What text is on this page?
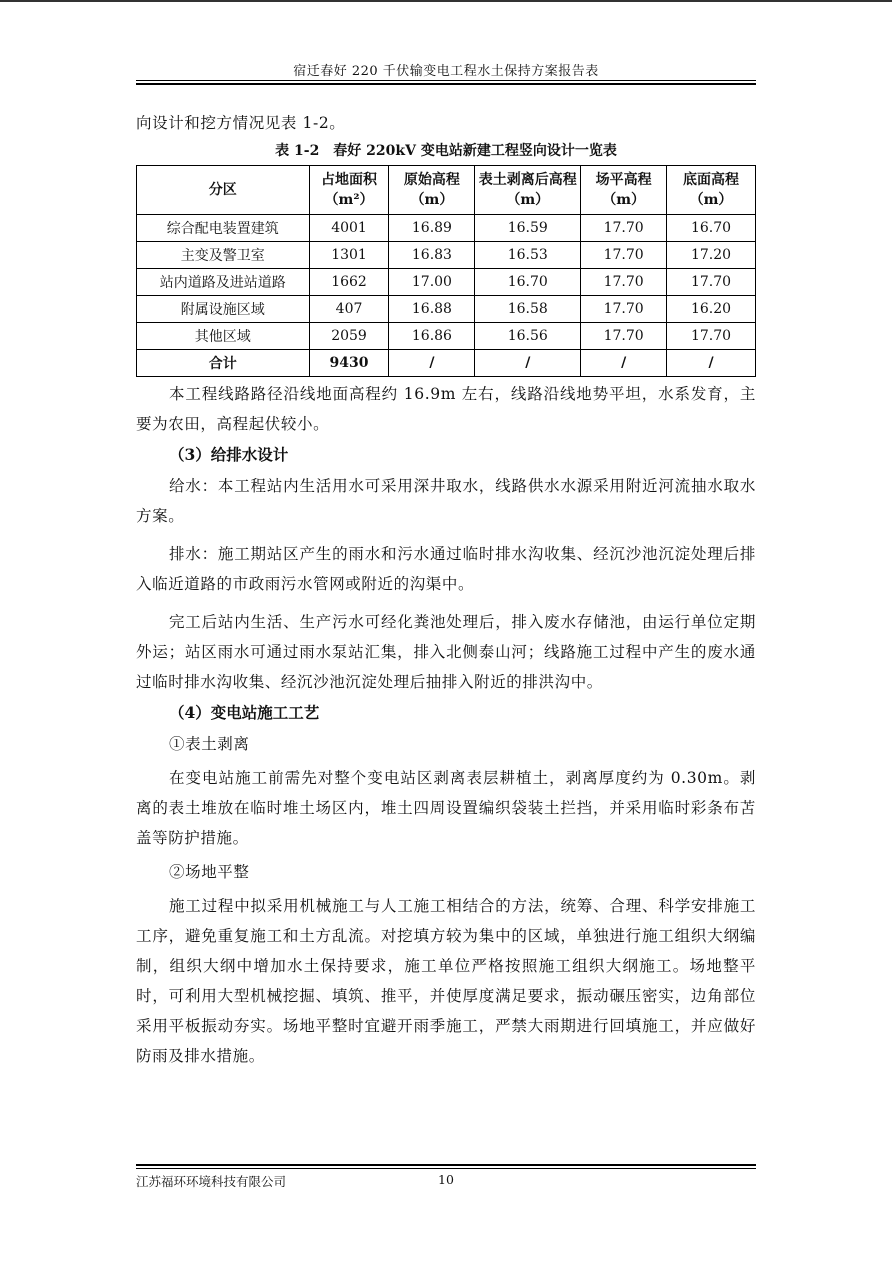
宿迁春好 220 千伏输变电工程水土保持方案报告表

向设计和挖方情况见表 1-2。

表 1-2　春好 220kV 变电站新建工程竖向设计一览表
分区	占地面积（m²）	原始高程（m）	表土剥离后高程（m）	场平高程（m）	底面高程（m）
综合配电装置建筑	4001	16.89	16.59	17.70	16.70
主变及警卫室	1301	16.83	16.53	17.70	17.20
站内道路及进站道路	1662	17.00	16.70	17.70	17.70
附属设施区域	407	16.88	16.58	17.70	16.20
其他区域	2059	16.86	16.56	17.70	17.70
合计	9430	/	/	/	/

本工程线路路径沿线地面高程约 16.9m 左右，线路沿线地势平坦，水系发育，主要为农田，高程起伏较小。

（3）给排水设计

给水：本工程站内生活用水可采用深井取水，线路供水水源采用附近河流抽水取水方案。

排水：施工期站区产生的雨水和污水通过临时排水沟收集、经沉沙池沉淀处理后排入临近道路的市政雨污水管网或附近的沟渠中。

完工后站内生活、生产污水可经化粪池处理后，排入废水存储池，由运行单位定期外运；站区雨水可通过雨水泵站汇集，排入北侧泰山河；线路施工过程中产生的废水通过临时排水沟收集、经沉沙池沉淀处理后抽排入附近的排洪沟中。

（4）变电站施工工艺

①表土剥离

在变电站施工前需先对整个变电站区剥离表层耕植土，剥离厚度约为 0.30m。剥离的表土堆放在临时堆土场区内，堆土四周设置编织袋装土拦挡，并采用临时彩条布苫盖等防护措施。

②场地平整

施工过程中拟采用机械施工与人工施工相结合的方法，统筹、合理、科学安排施工工序，避免重复施工和土方乱流。对挖填方较为集中的区域，单独进行施工组织大纲编制，组织大纲中增加水土保持要求，施工单位严格按照施工组织大纲施工。场地整平时，可利用大型机械挖掘、填筑、推平，并使厚度满足要求，振动碾压密实，边角部位采用平板振动夯实。场地平整时宜避开雨季施工，严禁大雨期进行回填施工，并应做好防雨及排水措施。

江苏福环环境科技有限公司	10
